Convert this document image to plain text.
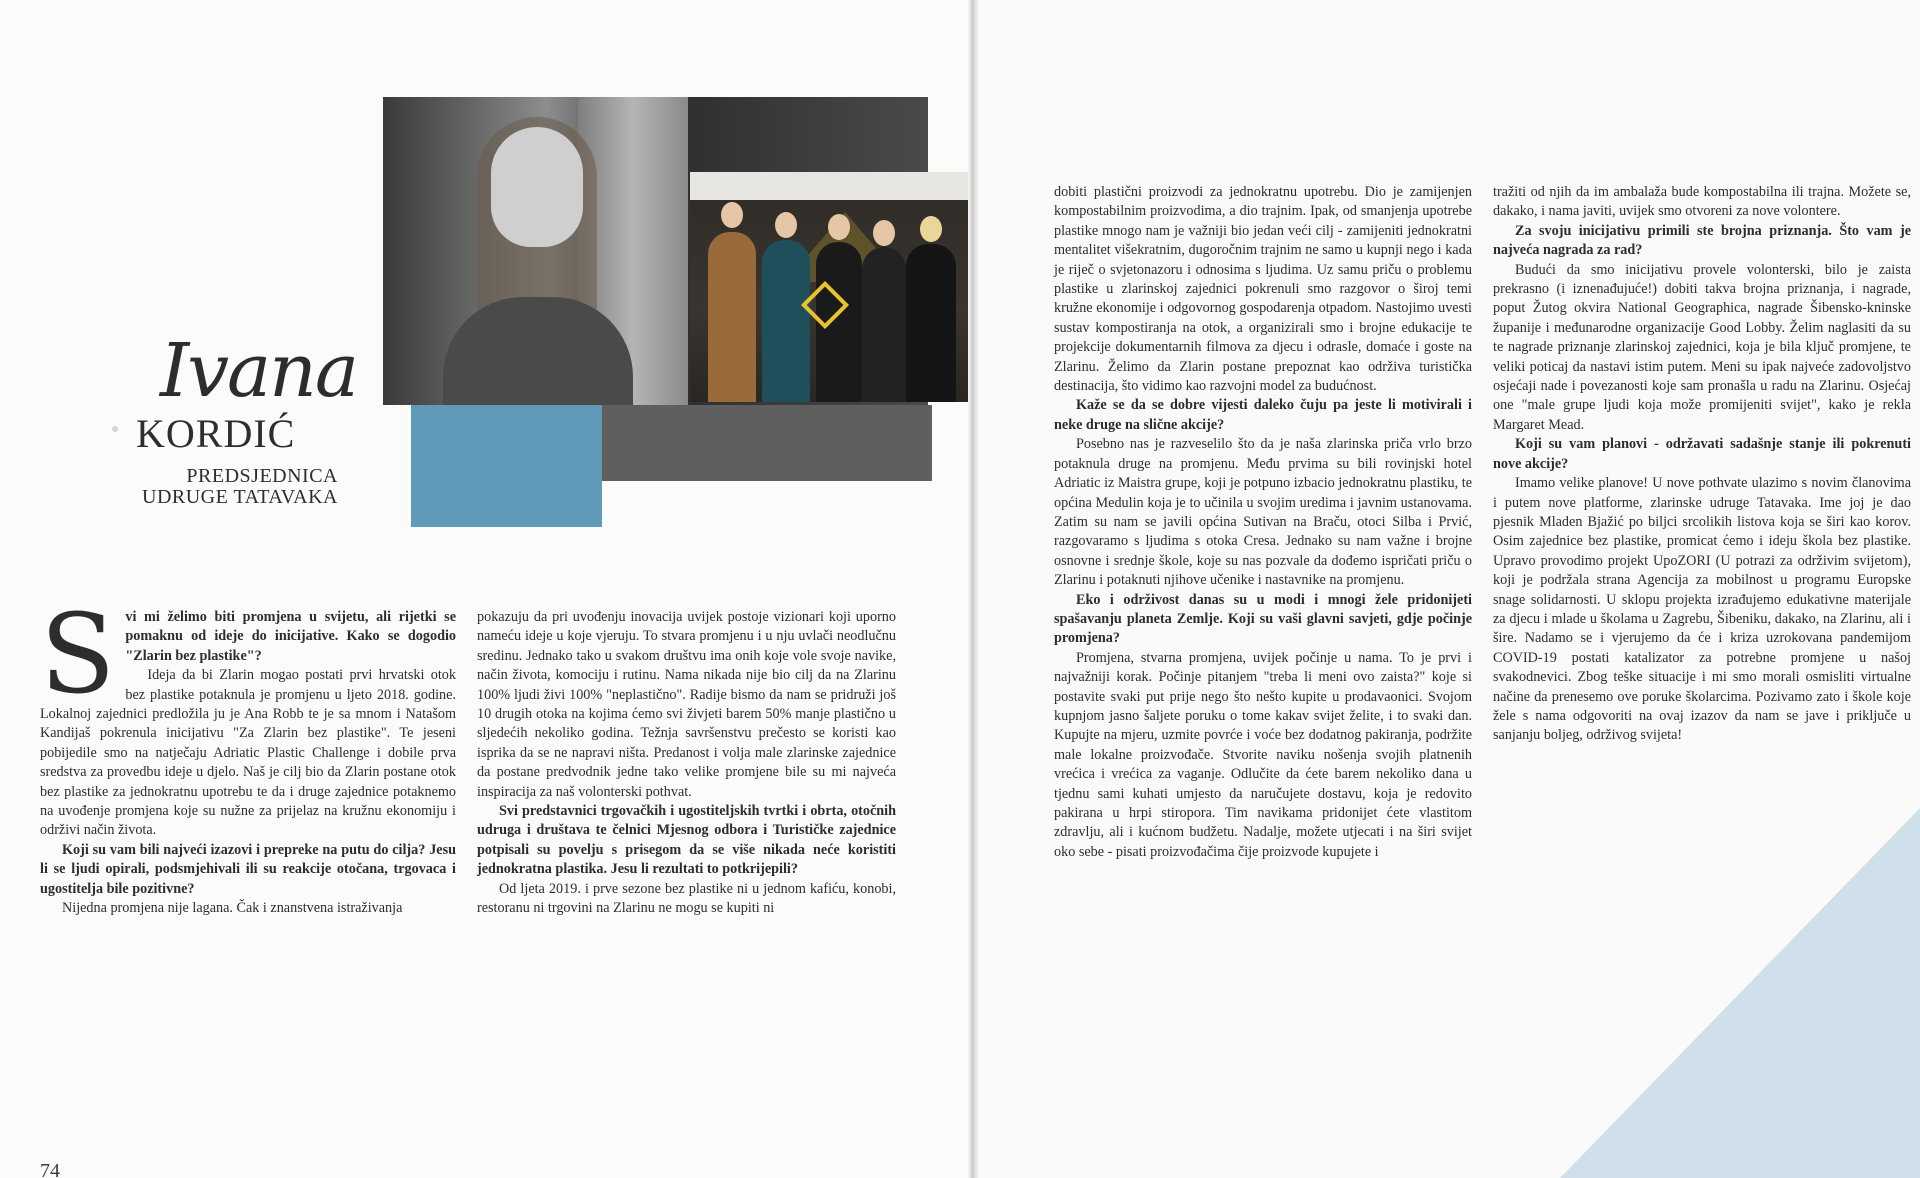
Ivana
KORDIĆ
PREDSJEDNICA
UDRUGE TATAVAKA
S vi mi želimo biti promjena u svijetu, ali rijetki se pomaknu od ideje do inicijative. Kako se dogodio "Zlarin bez plastike"?

Ideja da bi Zlarin mogao postati prvi hrvatski otok bez plastike potaknula je promjenu u ljeto 2018. godine. Lokalnoj zajednici predložila ju je Ana Robb te je sa mnom i Natašom Kandijaš pokrenula inicijativu "Za Zlarin bez plastike". Te jeseni pobijedile smo na natječaju Adriatic Plastic Challenge i dobile prva sredstva za provedbu ideje u djelo. Naš je cilj bio da Zlarin postane otok bez plastike za jednokratnu upotrebu te da i druge zajednice potaknemo na uvođenje promjena koje su nužne za prijelaz na kružnu ekonomiju i održivi način života.

Koji su vam bili najveći izazovi i prepreke na putu do cilja? Jesu li se ljudi opirali, podsmjehivali ili su reakcije otočana, trgovaca i ugostitelja bile pozitivne?

Nijedna promjena nije lagana. Čak i znanstvena istraživanja

pokazuju da pri uvođenju inovacija uvijek postoje vizionari koji uporno nameću ideje u koje vjeruju. To stvara promjenu i u nju uvlači neodlučnu sredinu. Jednako tako u svakom društvu ima onih koje vole svoje navike, način života, komociju i rutinu. Nama nikada nije bio cilj da na Zlarinu 100% ljudi živi 100% "neplastično". Radije bismo da nam se pridruži još 10 drugih otoka na kojima ćemo svi živjeti barem 50% manje plastično u sljedećih nekoliko godina. Težnja savršenstvu prečesto se koristi kao isprika da se ne napravi ništa. Predanost i volja male zlarinske zajednice da postane predvodnik jedne tako velike promjene bile su mi najveća inspiracija za naš volonterski pothvat.

Svi predstavnici trgovačkih i ugostiteljskih tvrtki i obrta, otočnih udruga i društava te čelnici Mjesnog odbora i Turističke zajednice potpisali su povelju s prisegom da se više nikada neće koristiti jednokratna plastika. Jesu li rezultati to potkrijepili?

Od ljeta 2019. i prve sezone bez plastike ni u jednom kafiću, konobi, restoranu ni trgovini na Zlarinu ne mogu se kupiti ni

74

dobiti plastični proizvodi za jednokratnu upotrebu. Dio je zamijenjen kompostabilnim proizvodima, a dio trajnim. Ipak, od smanjenja upotrebe plastike mnogo nam je važniji bio jedan veći cilj - zamijeniti jednokratni mentalitet višekratnim, dugoročnim trajnim ne samo u kupnji nego i kada je riječ o svjetonazoru i odnosima s ljudima. Uz samu priču o problemu plastike u zlarinskoj zajednici pokrenuli smo razgovor o široj temi kružne ekonomije i odgovornog gospodarenja otpadom. Nastojimo uvesti sustav kompostiranja na otok, a organizirali smo i brojne edukacije te projekcije dokumentarnih filmova za djecu i odrasle, domaće i goste na Zlarinu. Želimo da Zlarin postane prepoznat kao održiva turistička destinacija, što vidimo kao razvojni model za budućnost.

Kaže se da se dobre vijesti daleko čuju pa jeste li motivirali i neke druge na slične akcije?

Posebno nas je razveselilo što da je naša zlarinska priča vrlo brzo potaknula druge na promjenu. Među prvima su bili rovinjski hotel Adriatic iz Maistra grupe, koji je potpuno izbacio jednokratnu plastiku, te općina Medulin koja je to učinila u svojim uredima i javnim ustanovama. Zatim su nam se javili općina Sutivan na Braču, otoci Silba i Prvić, razgovaramo s ljudima s otoka Cresa. Jednako su nam važne i brojne osnovne i srednje škole, koje su nas pozvale da dođemo ispričati priču o Zlarinu i potaknuti njihove učenike i nastavnike na promjenu.

Eko i održivost danas su u modi i mnogi žele pridonijeti spašavanju planeta Zemlje. Koji su vaši glavni savjeti, gdje počinje promjena?

Promjena, stvarna promjena, uvijek počinje u nama. To je prvi i najvažniji korak. Počinje pitanjem "treba li meni ovo zaista?" koje si postavite svaki put prije nego što nešto kupite u prodavaonici. Svojom kupnjom jasno šaljete poruku o tome kakav svijet želite, i to svaki dan. Kupujte na mjeru, uzmite povrće i voće bez dodatnog pakiranja, podržite male lokalne proizvođače. Stvorite naviku nošenja svojih platnenih vrećica i vrećica za vaganje. Odlučite da ćete barem nekoliko dana u tjednu sami kuhati umjesto da naručujete dostavu, koja je redovito pakirana u hrpi stiropora. Tim navikama pridonijet ćete vlastitom zdravlju, ali i kućnom budžetu. Nadalje, možete utjecati i na širi svijet oko sebe - pisati proizvođačima čije proizvode kupujete i

tražiti od njih da im ambalaža bude kompostabilna ili trajna. Možete se, dakako, i nama javiti, uvijek smo otvoreni za nove volontere.

Za svoju inicijativu primili ste brojna priznanja. Što vam je najveća nagrada za rad?

Budući da smo inicijativu provele volonterski, bilo je zaista prekrasno (i iznenađujuće!) dobiti takva brojna priznanja, i nagrade, poput Žutog okvira National Geographica, nagrade Šibensko-kninske županije i međunarodne organizacije Good Lobby. Želim naglasiti da su te nagrade priznanje zlarinskoj zajednici, koja je bila ključ promjene, te veliki poticaj da nastavi istim putem. Meni su ipak najveće zadovoljstvo osjećaji nade i povezanosti koje sam pronašla u radu na Zlarinu. Osjećaj one "male grupe ljudi koja može promijeniti svijet", kako je rekla Margaret Mead.

Koji su vam planovi - održavati sadašnje stanje ili pokrenuti nove akcije?

Imamo velike planove! U nove pothvate ulazimo s novim članovima i putem nove platforme, zlarinske udruge Tatavaka. Ime joj je dao pjesnik Mladen Bjažić po biljci srcolikih listova koja se širi kao korov. Osim zajednice bez plastike, promicat ćemo i ideju škola bez plastike. Upravo provodimo projekt UpoZORI (U potrazi za održivim svijetom), koji je podržala strana Agencija za mobilnost u programu Europske snage solidarnosti. U sklopu projekta izrađujemo edukativne materijale za djecu i mlade u školama u Zagrebu, Šibeniku, dakako, na Zlarinu, ali i šire. Nadamo se i vjerujemo da će i kriza uzrokovana pandemijom COVID-19 postati katalizator za potrebne promjene u našoj svakodnevici. Zbog teške situacije i mi smo morali osmisliti virtualne načine da prenesemo ove poruke školarcima. Pozivamo zato i škole koje žele s nama odgovoriti na ovaj izazov da nam se jave i priključe u sanjanju boljeg, održivog svijeta!
